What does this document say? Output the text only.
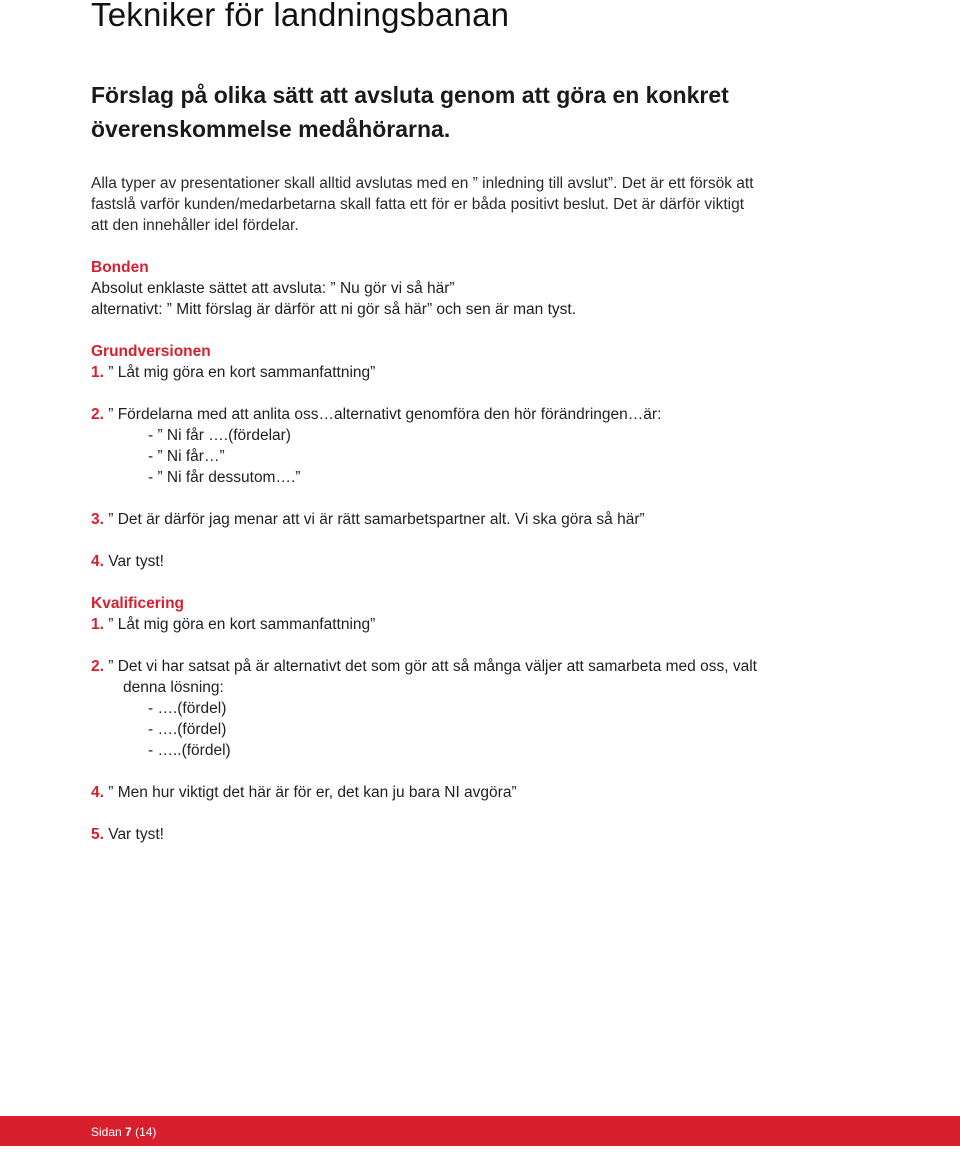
Tekniker för landningsbanan
Förslag på olika sätt att avsluta genom att göra en konkret överenskommelse medåhörarna.
Alla typer av presentationer skall alltid avslutas med en ” inledning till avslut”. Det är ett försök att
fastslå varför kunden/medarbetarna skall fatta ett för er båda positivt beslut. Det är därför viktigt
att den innehåller idel fördelar.
Bonden
Absolut enklaste sättet att avsluta: ” Nu gör vi så här”
alternativt: ” Mitt förslag är därför att ni gör så här” och sen är man tyst.
Grundversionen
1. ” Låt mig göra en kort sammanfattning”
2. ” Fördelarna med att anlita oss…alternativt genomföra den hör förändringen…är:
- ” Ni får ….(fördelar)
- ” Ni får…”
- ” Ni får dessutom….”
3. ” Det är därför jag menar att vi är rätt samarbetspartner alt. Vi ska göra så här”
4. Var tyst!
Kvalificering
1. ” Låt mig göra en kort sammanfattning”
2. ” Det vi har satsat på är alternativt det som gör att så många väljer att samarbeta med oss, valt denna lösning:
- ….(fördel)
- ….(fördel)
- …..(fördel)
4. ” Men hur viktigt det här är för er, det kan ju bara NI avgöra”
5. Var tyst!
Sidan 7 (14)
